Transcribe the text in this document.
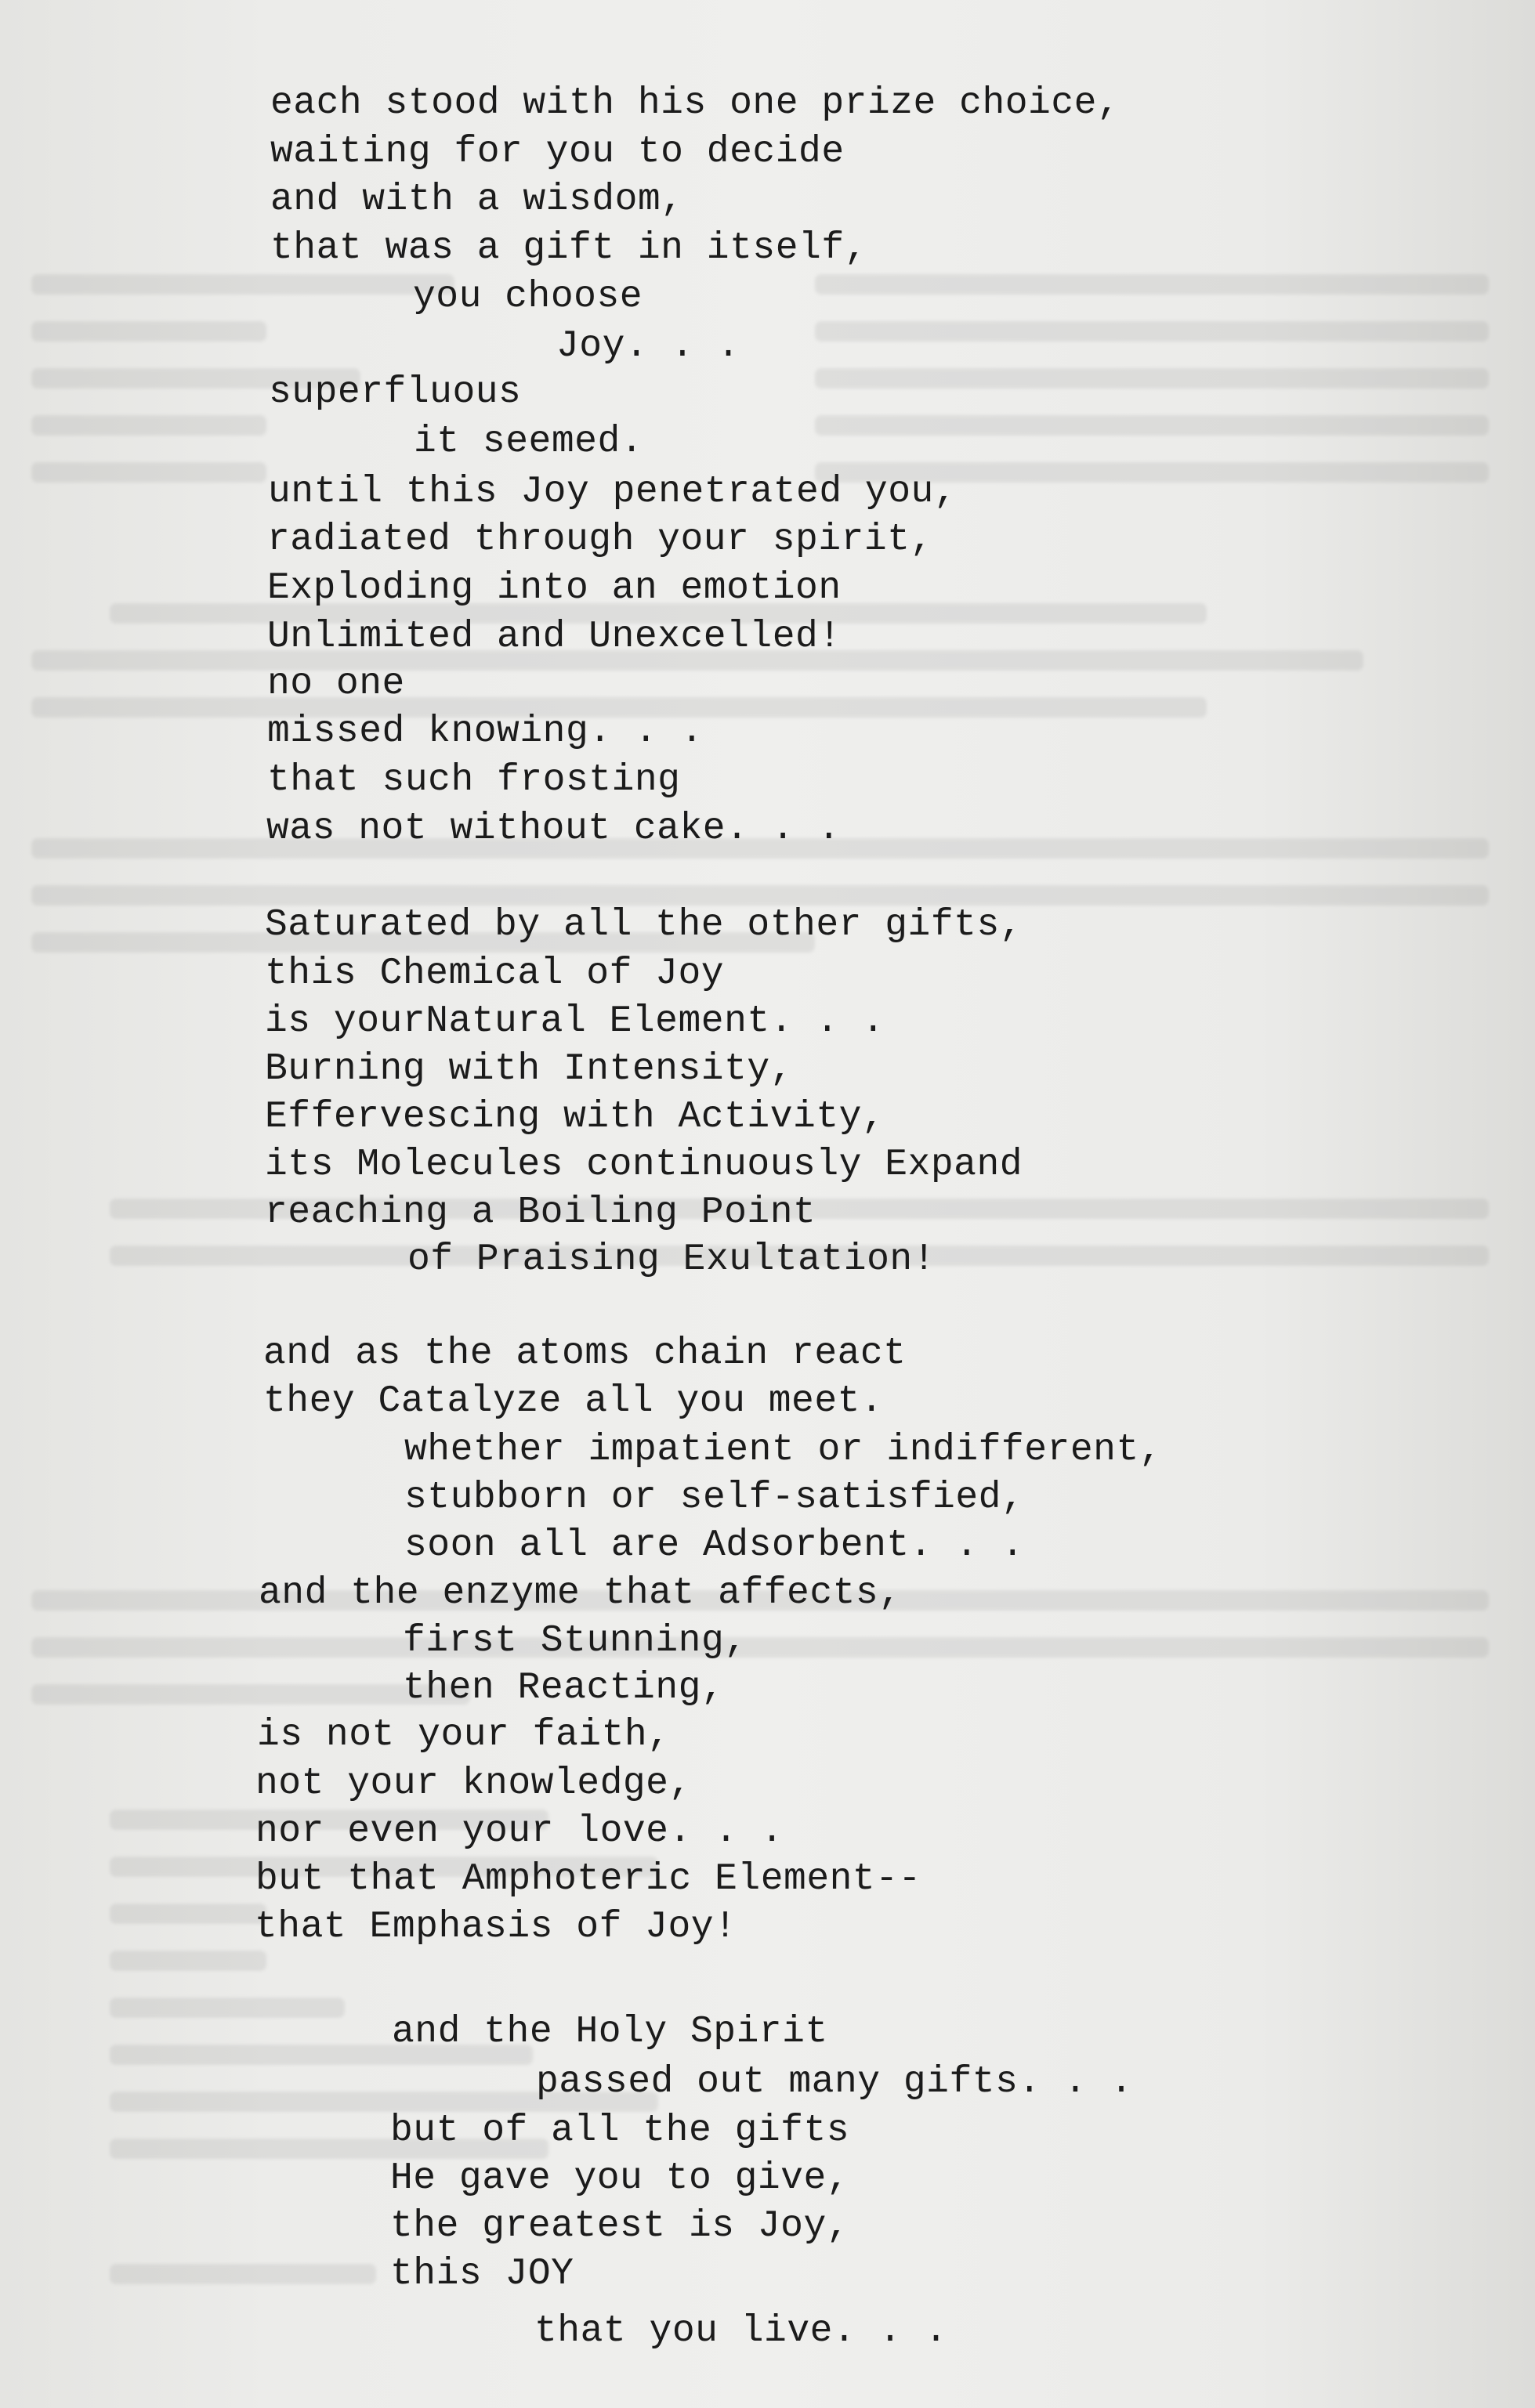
each stood with his one prize choice,
waiting for you to decide
and with a wisdom,
that was a gift in itself,
you choose
Joy. . .
superfluous
it seemed.
until this Joy penetrated you,
radiated through your spirit,
Exploding into an emotion
Unlimited and Unexcelled!
no one
missed knowing. . .
that such frosting
was not without cake. . .
Saturated by all the other gifts,
this Chemical of Joy
is yourNatural Element. . .
Burning with Intensity,
Effervescing with Activity,
its Molecules continuously Expand
reaching a Boiling Point
of Praising Exultation!
and as the atoms chain react
they Catalyze all you meet.
whether impatient or indifferent,
stubborn or self-satisfied,
soon all are Adsorbent. . .
and the enzyme that affects,
first Stunning,
then Reacting,
is not your faith,
not your knowledge,
nor even your love. . .
but that Amphoteric Element--
that Emphasis of Joy!
and the Holy Spirit
passed out many gifts. . .
but of all the gifts
He gave you to give,
the greatest is Joy,
this JOY
that you live. . .
